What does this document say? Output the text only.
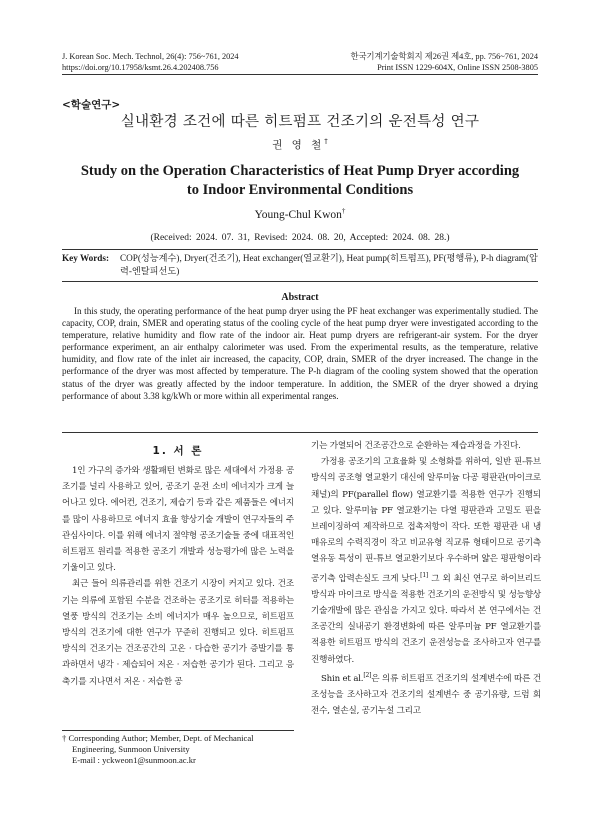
J. Korean Soc. Mech. Technol, 26(4): 756~761, 2024	한국기계기술학회지 제26권 제4호, pp. 756~761, 2024
https://doi.org/10.17958/ksmt.26.4.202408.756	Print ISSN 1229-604X, Online ISSN 2508-3805
<학술연구>
실내환경 조건에 따른 히트펌프 건조기의 운전특성 연구
권 영 철†
Study on the Operation Characteristics of Heat Pump Dryer according to Indoor Environmental Conditions
Young-Chul Kwon†
(Received: 2024. 07. 31, Revised: 2024. 08. 20, Accepted: 2024. 08. 28.)
Key Words:	COP(성능계수), Dryer(건조기), Heat exchanger(열교환기), Heat pump(히트펌프), PF(평행류), P-h diagram(압력-엔탈피선도)
Abstract
In this study, the operating performance of the heat pump dryer using the PF heat exchanger was experimentally studied. The capacity, COP, drain, SMER and operating status of the cooling cycle of the heat pump dryer were investigated according to the temperature, relative humidity and flow rate of the indoor air. Heat pump dryers are refrigerant-air system. For the dryer performance experiment, an air enthalpy calorimeter was used. From the experimental results, as the temperature, relative humidity, and flow rate of the inlet air increased, the capacity, COP, drain, SMER of the dryer increased. The change in the performance of the dryer was most affected by temperature. The P-h diagram of the cooling system showed that the operation status of the dryer was greatly affected by the indoor temperature. In addition, the SMER of the dryer showed a drying performance of about 3.38 kg/kWh or more within all experimental ranges.
1. 서 론

1인 가구의 증가와 생활패턴 변화로 많은 세대에서 가정용 공조기를 널리 사용하고 있어, 공조기 운전 소비 에너지가 크게 늘어나고 있다. 에어컨, 건조기, 제습기 등과 같은 제품들은 에너지를 많이 사용하므로 에너지 효율 향상기술 개발이 연구자들의 주관심사이다. 이를 위해 에너지 절약형 공조기술들 중에 대표적인 히트펌프 원리를 적용한 공조기 개발과 성능평가에 많은 노력을 기울이고 있다.

최근 들어 의류관리를 위한 건조기 시장이 커지고 있다. 건조기는 의류에 포함된 수분을 건조하는 공조기로 히터를 적용하는 열풍 방식의 건조기는 소비 에너지가 매우 높으므로, 히트펌프 방식의 건조기에 대한 연구가 꾸준히 진행되고 있다. 히트펌프 방식의 건조기는 건조공간의 고온 · 다습한 공기가 증발기를 통과하면서 냉각 · 제습되어 저온 · 저습한 공기가 된다. 그리고 응축기를 지나면서 저온 · 저습한 공

† Corresponding Author; Member, Dept. of Mechanical
Engineering, Sunmoon University
E-mail : yckweon1@sunmoon.ac.kr

기는 가열되어 건조공간으로 순환하는 제습과정을 가진다.

가정용 공조기의 고효율화 및 소형화를 위하여, 일반 핀-튜브 방식의 공조형 열교환기 대신에 알루미늄 다공 평판관(마이크로 채널)의 PF(parallel flow) 열교환기를 적용한 연구가 진행되고 있다. 알루미늄 PF 열교환기는 다열 평판관과 고밀도 핀을 브레이징하여 제작하므로 접촉저항이 작다. 또한 평판관 내 냉매유로의 수력직경이 작고 비교유형 직교류 형태이므로 공기측 열유동 특성이 핀-튜브 열교환기보다 우수하며 얇은 평판형이라 공기측 압력손실도 크게 낮다.[1] 그 외 최신 연구로 하이브리드 방식과 마이크로 방식을 적용한 건조기의 운전방식 및 성능향상 기술개발에 많은 관심을 가지고 있다. 따라서 본 연구에서는 건조공간의 실내공기 환경변화에 따른 알루미늄 PF 열교환기를 적용한 히트펌프 방식의 건조기 운전성능을 조사하고자 연구를 진행하였다.

Shin et al.[2]은 의류 히트펌프 건조기의 설계변수에 따른 건조성능을 조사하고자 건조기의 설계변수 중 공기유량, 드럼 회전수, 열손실, 공기누설 그리고
